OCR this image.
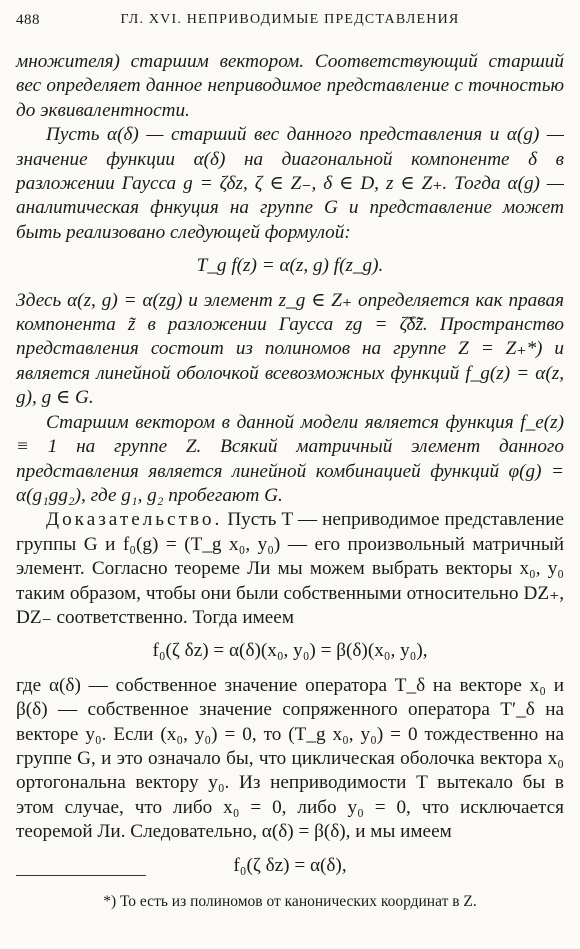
488	ГЛ. XVI. НЕПРИВОДИМЫЕ ПРЕДСТАВЛЕНИЯ

множителя) старшим вектором. Соответствующий старший вес определяет данное неприводимое представление с точностью до эквивалентности.

Пусть α(δ) — старший вес данного представления и α(g) — значение функции α(δ) на диагональной компоненте δ в разложении Гаусса g = ζδz, ζ ∈ Z₋, δ ∈ D, z ∈ Z₊. Тогда α(g) — аналитическая фнкуция на группе G и представление может быть реализовано следующей формулой:

T_g f(z) = α(z, g) f(z_g).

Здесь α(z, g) = α(zg) и элемент z_g ∈ Z₊ определяется как правая компонента z̃ в разложении Гаусса zg = ζ̃δ̃z̃. Пространство представления состоит из полиномов на группе Z = Z₊*) и является линейной оболочкой всевозможных функций f_g(z) = α(z, g), g ∈ G.

Старшим вектором в данной модели является функция f_e(z) ≡ 1 на группе Z. Всякий матричный элемент данного представления является линейной комбинацией функций φ(g) = α(g₁gg₂), где g₁, g₂ пробегают G.

Доказательство. Пусть T — неприводимое представление группы G и f₀(g) = (T_g x₀, y₀) — его произвольный матричный элемент. Согласно теореме Ли мы можем выбрать векторы x₀, y₀ таким образом, чтобы они были собственными относительно DZ₊, DZ₋ соответственно. Тогда имеем

f₀(ζ δz) = α(δ)(x₀, y₀) = β(δ)(x₀, y₀),

где α(δ) — собственное значение оператора T_δ на векторе x₀ и β(δ) — собственное значение сопряженного оператора T′_δ на векторе y₀. Если (x₀, y₀) = 0, то (T_g x₀, y₀) = 0 тождественно на группе G, и это означало бы, что циклическая оболочка вектора x₀ ортогональна вектору y₀. Из неприводимости T вытекало бы в этом случае, что либо x₀ = 0, либо y₀ = 0, что исключается теоремой Ли. Следовательно, α(δ) = β(δ), и мы имеем

f₀(ζ δz) = α(δ),
*) То есть из полиномов от канонических координат в Z.
